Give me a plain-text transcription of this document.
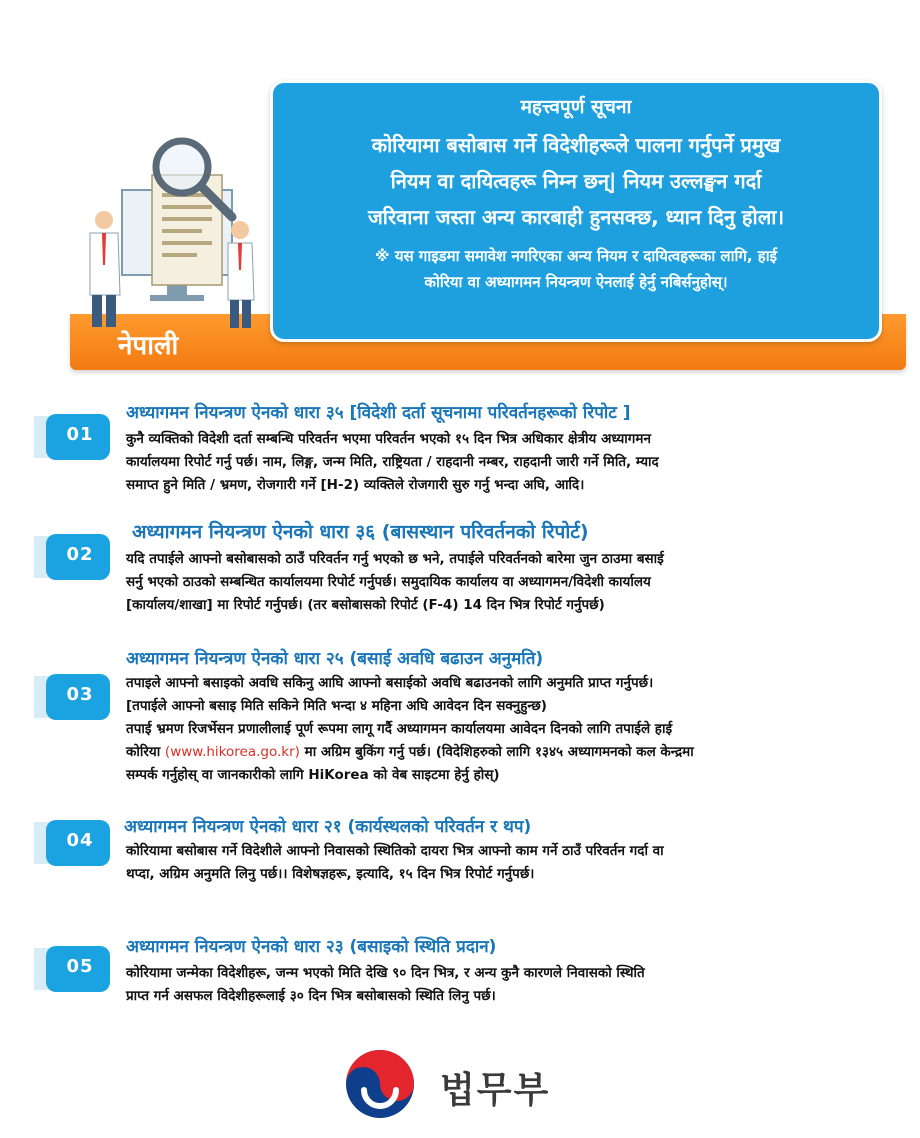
नेपाली
महत्त्वपूर्ण सूचना
कोरियामा बसोबास गर्ने विदेशीहरूले पालना गर्नुपर्ने प्रमुख
नियम वा दायित्वहरू निम्न छन्| नियम उल्लङ्घन गर्दा
जरिवाना जस्ता अन्य कारबाही हुनसक्छ, ध्यान दिनु होला।
※ यस गाइडमा समावेश नगरिएका अन्य नियम र दायित्वहरूका लागि, हाई
कोरिया वा अध्यागमन नियन्त्रण ऐनलाई हेर्नु नबिर्सनुहोस्।
01
अध्यागमन नियन्त्रण ऐनको धारा ३५ [विदेशी दर्ता सूचनामा परिवर्तनहरूको रिपोट ]

कुनै व्यक्तिको विदेशी दर्ता सम्बन्धि परिवर्तन भएमा परिवर्तन भएको १५ दिन भित्र अधिकार क्षेत्रीय अध्यागमन

कार्यालयमा रिपोर्ट गर्नु पर्छ। नाम, लिङ्ग, जन्म मिति, राष्ट्रियता / राहदानी नम्बर, राहदानी जारी गर्ने मिति, म्याद

समाप्त हुने मिति / भ्रमण, रोजगारी गर्ने [H-2) व्यक्तिले रोजगारी सुरु गर्नु भन्दा अघि, आदि।

02
अध्यागमन नियन्त्रण ऐनको धारा ३६ (बासस्थान परिवर्तनको रिपोर्ट)

यदि तपाईले आफ्नो बसोबासको ठाउँ परिवर्तन गर्नु भएको छ भने, तपाईले परिवर्तनको बारेमा जुन ठाउमा बसाई

सर्नु भएको ठाउको सम्बन्धित कार्यालयमा रिपोर्ट गर्नुपर्छ। समुदायिक कार्यालय वा अध्यागमन/विदेशी कार्यालय

[कार्यालय/शाखा] मा रिपोर्ट गर्नुपर्छ। (तर बसोबासको रिपोर्ट (F-4) 14 दिन भित्र रिपोर्ट गर्नुपर्छ)

03
अध्यागमन नियन्त्रण ऐनको धारा २५ (बसाई अवधि बढाउन अनुमति)

तपाइले आफ्नो बसाइको अवधि सकिनु आघि आफ्नो बसाईको अवधि बढाउनको लागि अनुमति प्राप्त गर्नुपर्छ।

[तपाईले आफ्नो बसाइ मिति सकिने मिति भन्दा ४ महिना अघि आवेदन दिन सक्नुहुन्छ)

तपाई भ्रमण रिजर्भेसन प्रणालीलाई पूर्ण रूपमा लागू गर्दै अध्यागमन कार्यालयमा आवेदन दिनको लागि तपाईले हाई

कोरिया (www.hikorea.go.kr) मा अग्रिम बुकिंग गर्नु पर्छ। (विदेशिहरुको लागि १३४५ अध्यागमनको कल केन्द्रमा

सम्पर्क गर्नुहोस् वा जानकारीको लागि HiKorea को वेब साइटमा हेर्नु होस्)

04
अध्यागमन नियन्त्रण ऐनको धारा २१ (कार्यस्थलको परिवर्तन र थप)

कोरियामा बसोबास गर्ने विदेशीले आफ्नो निवासको स्थितिको दायरा भित्र आफ्नो काम गर्ने ठाउँ परिवर्तन गर्दा वा

थप्दा, अग्रिम अनुमति लिनु पर्छ।। विशेषज्ञहरू, इत्यादि, १५ दिन भित्र रिपोर्ट गर्नुपर्छ।

05
अध्यागमन नियन्त्रण ऐनको धारा २३ (बसाइको स्थिति प्रदान)

कोरियामा जन्मेका विदेशीहरू, जन्म भएको मिति देखि ९० दिन भित्र, र अन्य कुनै कारणले निवासको स्थिति

प्राप्त गर्न असफल विदेशीहरूलाई ३० दिन भित्र बसोबासको स्थिति लिनु पर्छ।

법무부
